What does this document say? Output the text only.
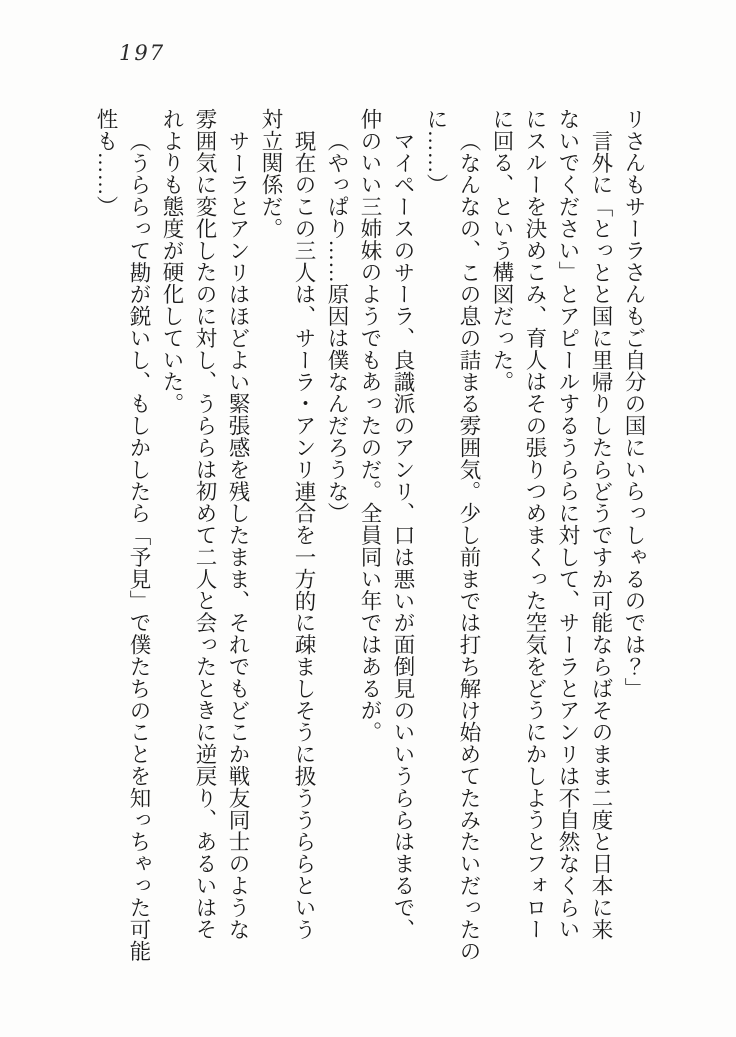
197

リさんもサーラさんもご自分の国にいらっしゃるのでは？」

言外に「とっとと国に里帰りしたらどうですか可能ならばそのまま二度と日本に来

ないでください」とアピールするうららに対して、サーラとアンリは不自然なくらい

にスルーを決めこみ、育人はその張りつめまくった空気をどうにかしようとフォロー

に回る、という構図だった。

（なんなの、この息の詰まる雰囲気。少し前までは打ち解け始めてたみたいだったの

に……）

マイペースのサーラ、良識派のアンリ、口は悪いが面倒見のいいうららはまるで、

仲のいい三姉妹のようでもあったのだ。全員同い年ではあるが。

（やっぱり……原因は僕なんだろうな）

現在のこの三人は、サーラ・アンリ連合を一方的に疎ましそうに扱ううららという

対立関係だ。

サーラとアンリはほどよい緊張感を残したまま、それでもどこか戦友同士のような

雰囲気に変化したのに対し、うららは初めて二人と会ったときに逆戻り、あるいはそ

れよりも態度が硬化していた。

（うららって勘が鋭いし、もしかしたら「予見」で僕たちのことを知っちゃった可能

性も……）
